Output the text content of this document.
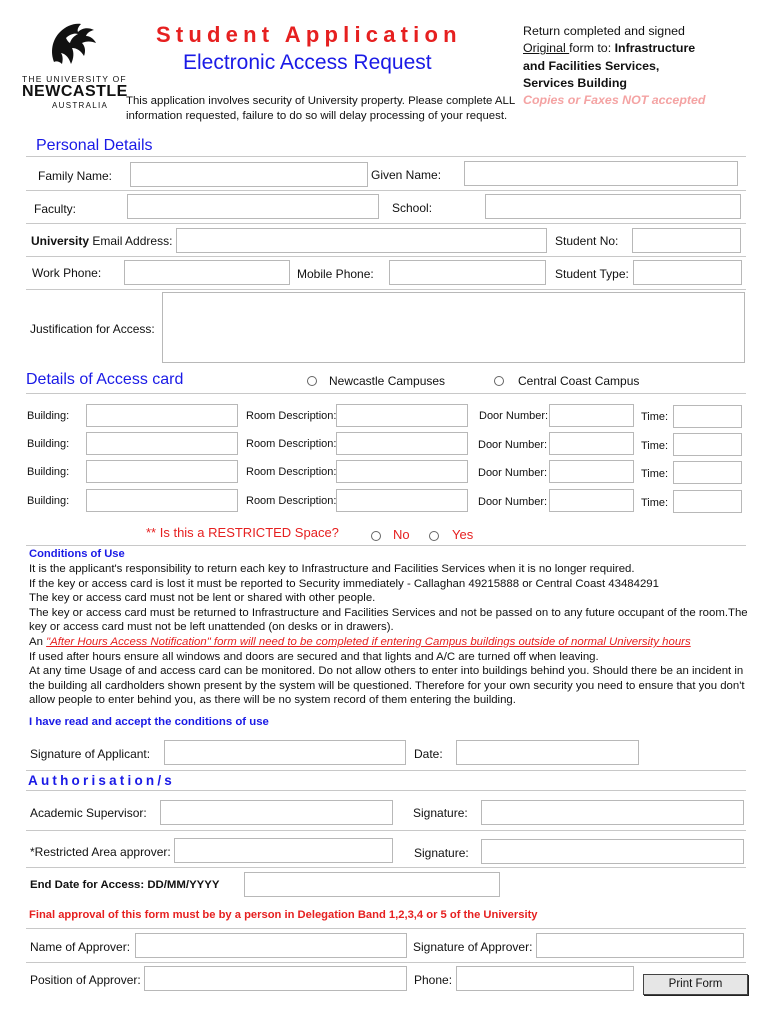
THE UNIVERSITY OF
NEWCASTLE
AUSTRALIA
Student Application
Electronic Access Request
This application involves security of University property. Please complete ALL information requested, failure to do so will delay processing of your request.
Return completed and signed
Original form to: Infrastructure
and Facilities Services,
Services Building
Copies or Faxes NOT accepted
Personal Details
Family Name:	Given Name:
Faculty:	School:
University Email Address:	Student No:
Work Phone:	Mobile Phone:	Student Type:
Justification for Access:
Details of Access card	Newcastle Campuses	Central Coast Campus
Building:	Room Description:	Door Number:	Time:
Building:	Room Description:	Door Number:	Time:
Building:	Room Description:	Door Number:	Time:
Building:	Room Description:	Door Number:	Time:
** Is this a RESTRICTED Space?	No	Yes
Conditions of Use
It is the applicant's responsibility to return each key to Infrastructure and Facilities Services when it is no longer required.
If the key or access card is lost it must be reported to Security immediately - Callaghan 49215888 or Central Coast 43484291
The key or access card must not be lent or shared with other people.
The key or access card must be returned to Infrastructure and Facilities Services and not be passed on to any future occupant of the room.The key or access card must not be left unattended (on desks or in drawers).
An "After Hours Access Notification" form will need to be completed if entering Campus buildings outside of normal University hours
If used after hours ensure all windows and doors are secured and that lights and A/C are turned off when leaving.
At any time Usage of and access card can be monitored. Do not allow others to enter into buildings behind you. Should there be an incident in the building all cardholders shown present by the system will be questioned. Therefore for your own security you need to ensure that you don't allow people to enter behind you, as there will be no system record of them entering the building.
I have read and accept the conditions of use
Signature of Applicant:	Date:
Authorisation/s
Academic Supervisor:	Signature:
*Restricted Area approver:	Signature:
End Date for Access: DD/MM/YYYY
Final approval of this form must be by a person in Delegation Band 1,2,3,4 or 5 of the University
Name of Approver:	Signature of Approver:
Position of Approver:	Phone:	Print Form
